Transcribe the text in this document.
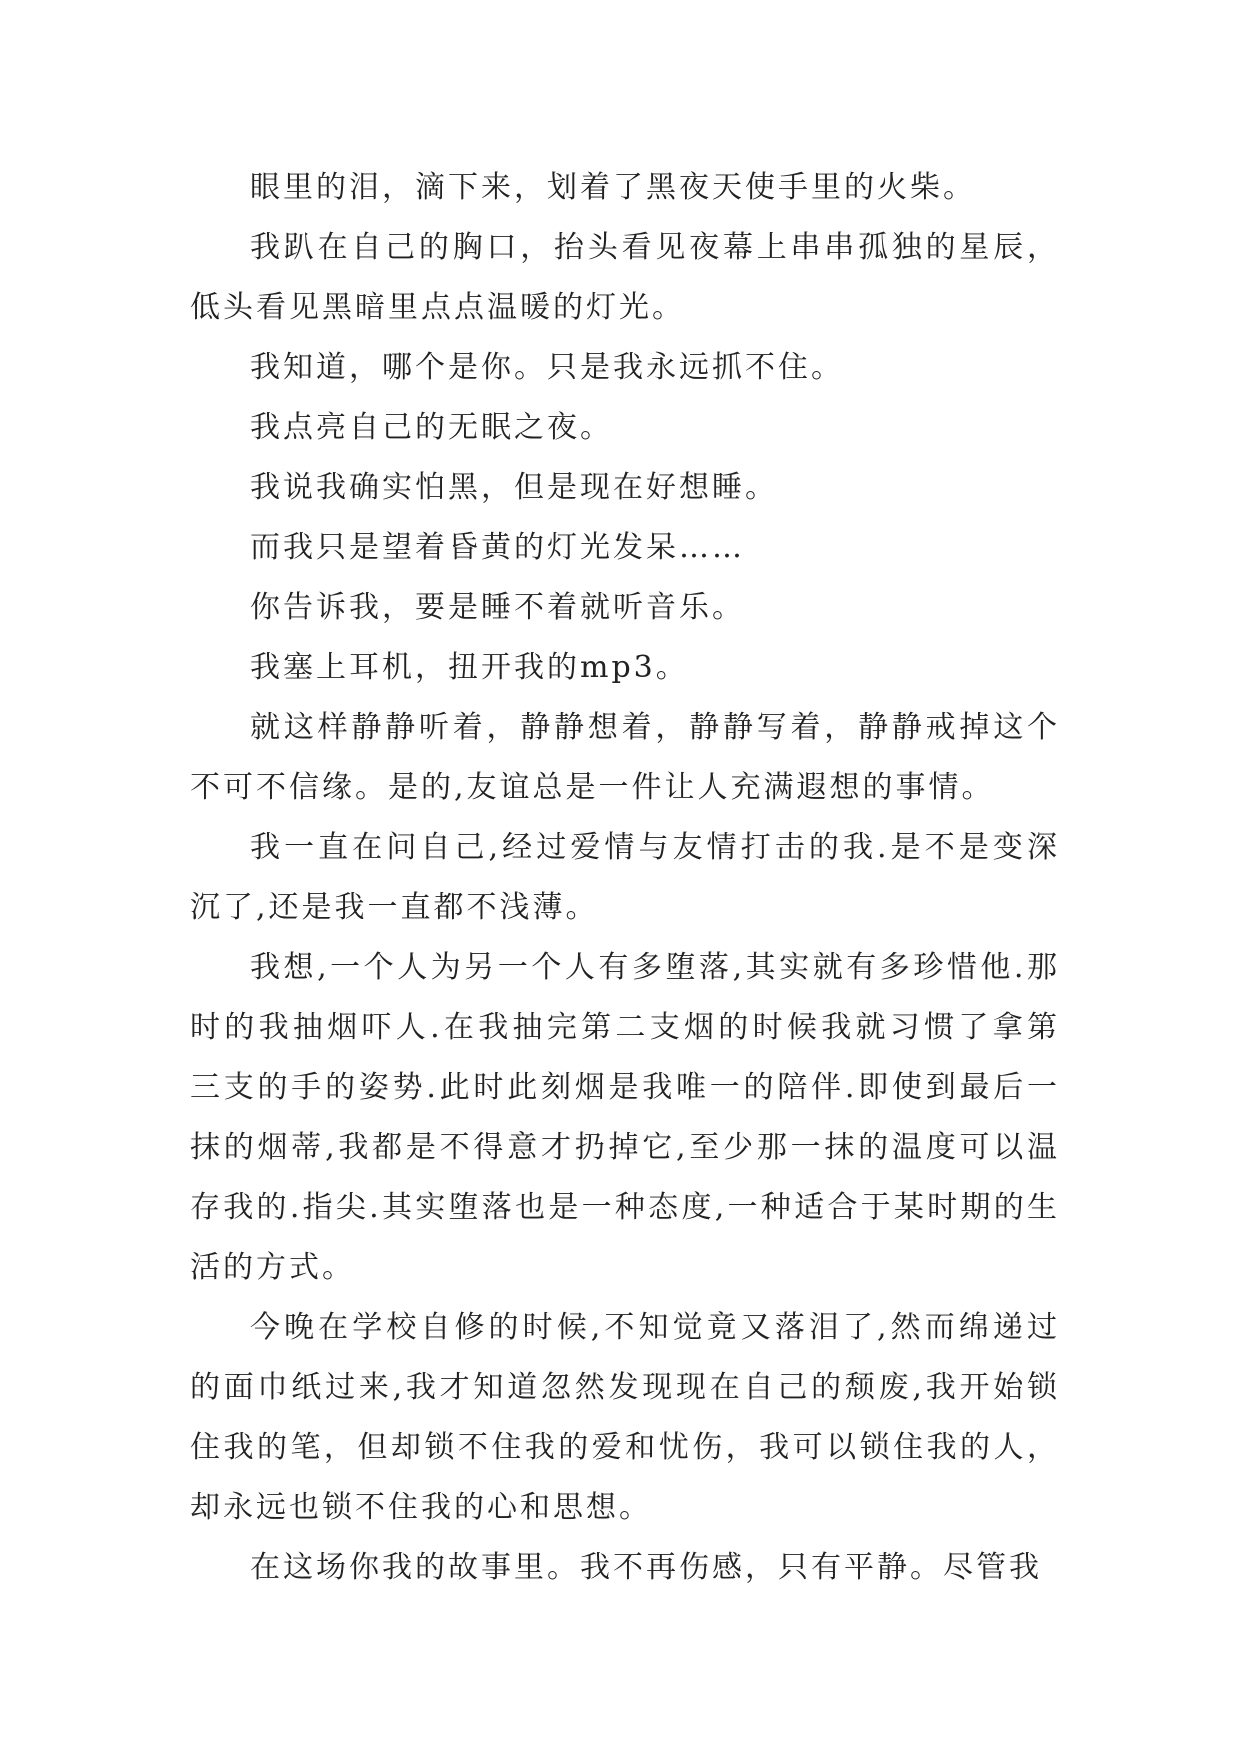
眼里的泪，滴下来，划着了黑夜天使手里的火柴。

我趴在自己的胸口，抬头看见夜幕上串串孤独的星辰，低头看见黑暗里点点温暖的灯光。

我知道，哪个是你。只是我永远抓不住。

我点亮自己的无眠之夜。

我说我确实怕黑，但是现在好想睡。

而我只是望着昏黄的灯光发呆……

你告诉我，要是睡不着就听音乐。

我塞上耳机，扭开我的mp3。

就这样静静听着，静静想着，静静写着，静静戒掉这个不可不信缘。是的,友谊总是一件让人充满遐想的事情。

我一直在问自己,经过爱情与友情打击的我.是不是变深沉了,还是我一直都不浅薄。

我想,一个人为另一个人有多堕落,其实就有多珍惜他.那时的我抽烟吓人.在我抽完第二支烟的时候我就习惯了拿第三支的手的姿势.此时此刻烟是我唯一的陪伴.即使到最后一抹的烟蒂,我都是不得意才扔掉它,至少那一抹的温度可以温存我的.指尖.其实堕落也是一种态度,一种适合于某时期的生活的方式。

今晚在学校自修的时候,不知觉竟又落泪了,然而绵递过的面巾纸过来,我才知道忽然发现现在自己的颓废,我开始锁住我的笔，但却锁不住我的爱和忧伤，我可以锁住我的人，却永远也锁不住我的心和思想。

在这场你我的故事里。我不再伤感，只有平静。尽管我
